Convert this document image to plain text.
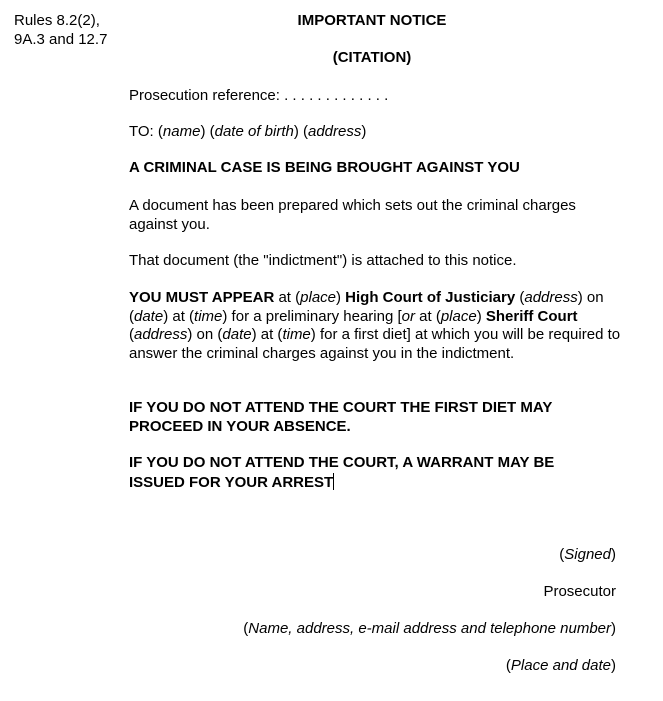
Rules 8.2(2),
9A.3 and 12.7
IMPORTANT NOTICE
(CITATION)
Prosecution reference: . . . . . . . . . . . . .
TO: (name) (date of birth) (address)
A CRIMINAL CASE IS BEING BROUGHT AGAINST YOU
A document has been prepared which sets out the criminal charges against you.
That document (the "indictment") is attached to this notice.
YOU MUST APPEAR at (place) High Court of Justiciary (address) on (date) at (time) for a preliminary hearing [or at (place) Sheriff Court (address) on (date) at (time) for a first diet] at which you will be required to answer the criminal charges against you in the indictment.
IF YOU DO NOT ATTEND THE COURT THE FIRST DIET MAY PROCEED IN YOUR ABSENCE.
IF YOU DO NOT ATTEND THE COURT, A WARRANT MAY BE ISSUED FOR YOUR ARREST
(Signed)
Prosecutor
(Name, address, e-mail address and telephone number)
(Place and date)
